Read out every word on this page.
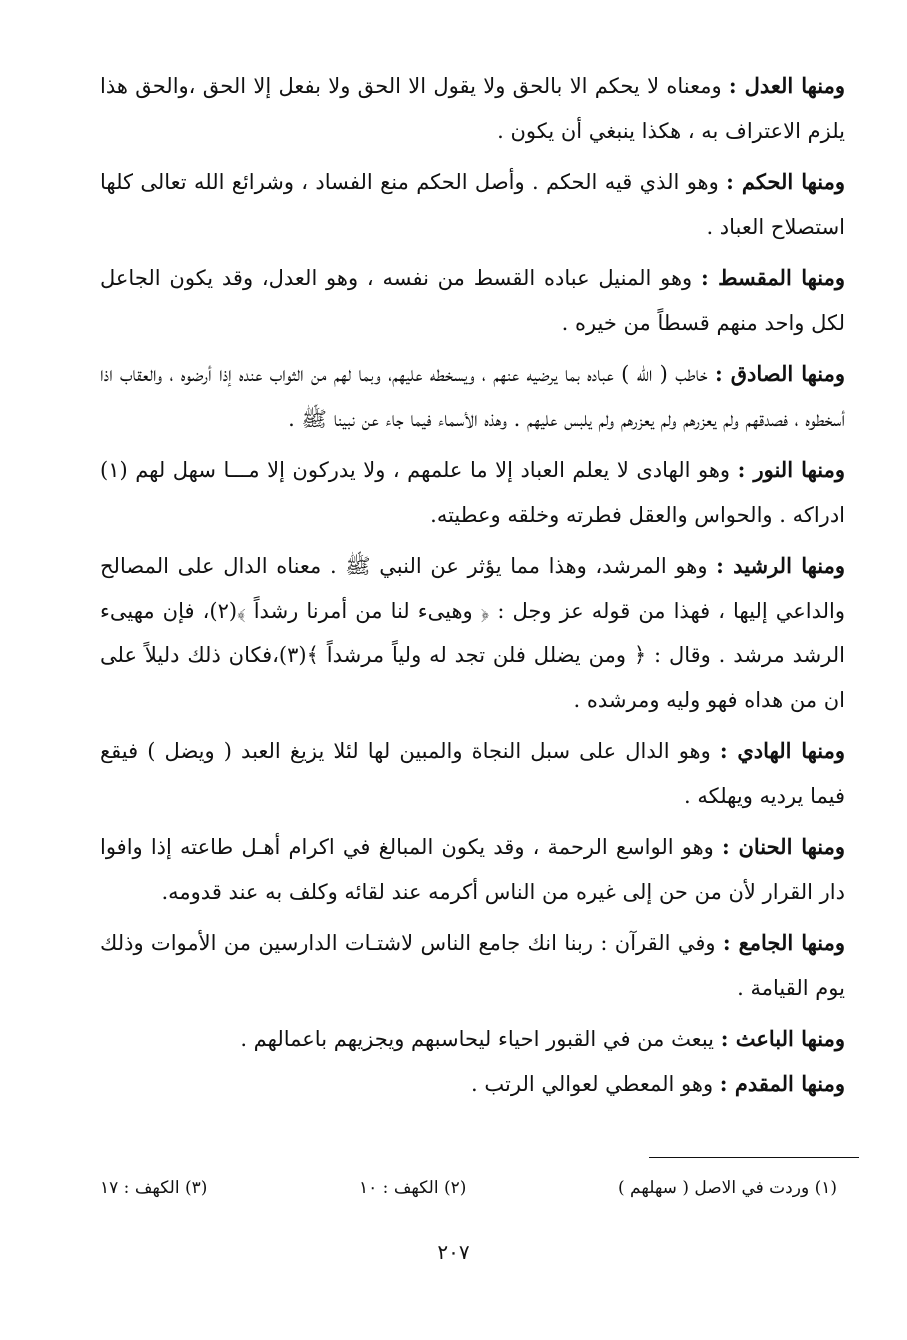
ومنها العدل : ومعناه لا يحكم الا بالحق ولا يقول الا الحق ولا بفعل إلا الحق ،والحق هذا يلزم الاعتراف به ، هكذا ينبغي أن يكون .

ومنها الحكم : وهو الذي قيه الحكم . وأصل الحكم منع الفساد ، وشرائع الله تعالى كلها استصلاح العباد .

ومنها المقسط : وهو المنيل عباده القسط من نفسه ، وهو العدل، وقد يكون الجاعل لكل واحد منهم قسطاً من خيره .

ومنها الصادق : خاطب ( الله ) عباده بما يرضيه عنهم ، ويسخطه عليهم، وبما لهم من الثواب عنده إذا أرضوه ، والعقاب اذا أسخطوه ، فصدقهم ولم يعزرهم ولم يعزرهم ولم يلبس عليهم . وهذه الأسماء فيما جاء عن نبينا ﷺ .

ومنها النور : وهو الهادى لا يعلم العباد إلا ما علمهم ، ولا يدركون إلا مـــا سهل لهم (١) ادراكه . والحواس والعقل فطرته وخلقه وعطيته.

ومنها الرشيد : وهو المرشد، وهذا مما يؤثر عن النبي ﷺ . معناه الدال على المصالح والداعي إليها ، فهذا من قوله عز وجل : ﴿ وهيىء لنا من أمرنا رشداً ﴾(٢)، فإن مهيىء الرشد مرشد . وقال : ﴿ ومن يضلل فلن تجد له ولياً مرشداً ﴾(٣)،فكان ذلك دليلاً على ان من هداه فهو وليه ومرشده .

ومنها الهادي : وهو الدال على سبل النجاة والمبين لها لئلا يزيغ العبد ( ويضل ) فيقع فيما يرديه ويهلكه .

ومنها الحنان : وهو الواسع الرحمة ، وقد يكون المبالغ في اكرام أهـل طاعته إذا وافوا دار القرار لأن من حن إلى غيره من الناس أكرمه عند لقائه وكلف به عند قدومه.

ومنها الجامع : وفي القرآن : ربنا انك جامع الناس لاشتـات الدارسين من الأموات وذلك يوم القيامة .

ومنها الباعث : يبعث من في القبور احياء ليحاسبهم ويجزيهم باعمالهم .

ومنها المقدم : وهو المعطي لعوالي الرتب .

(١) وردت في الاصل ( سهلهم )
(٢) الكهف : ١٠
(٣) الكهف : ١٧
٢٠٧
